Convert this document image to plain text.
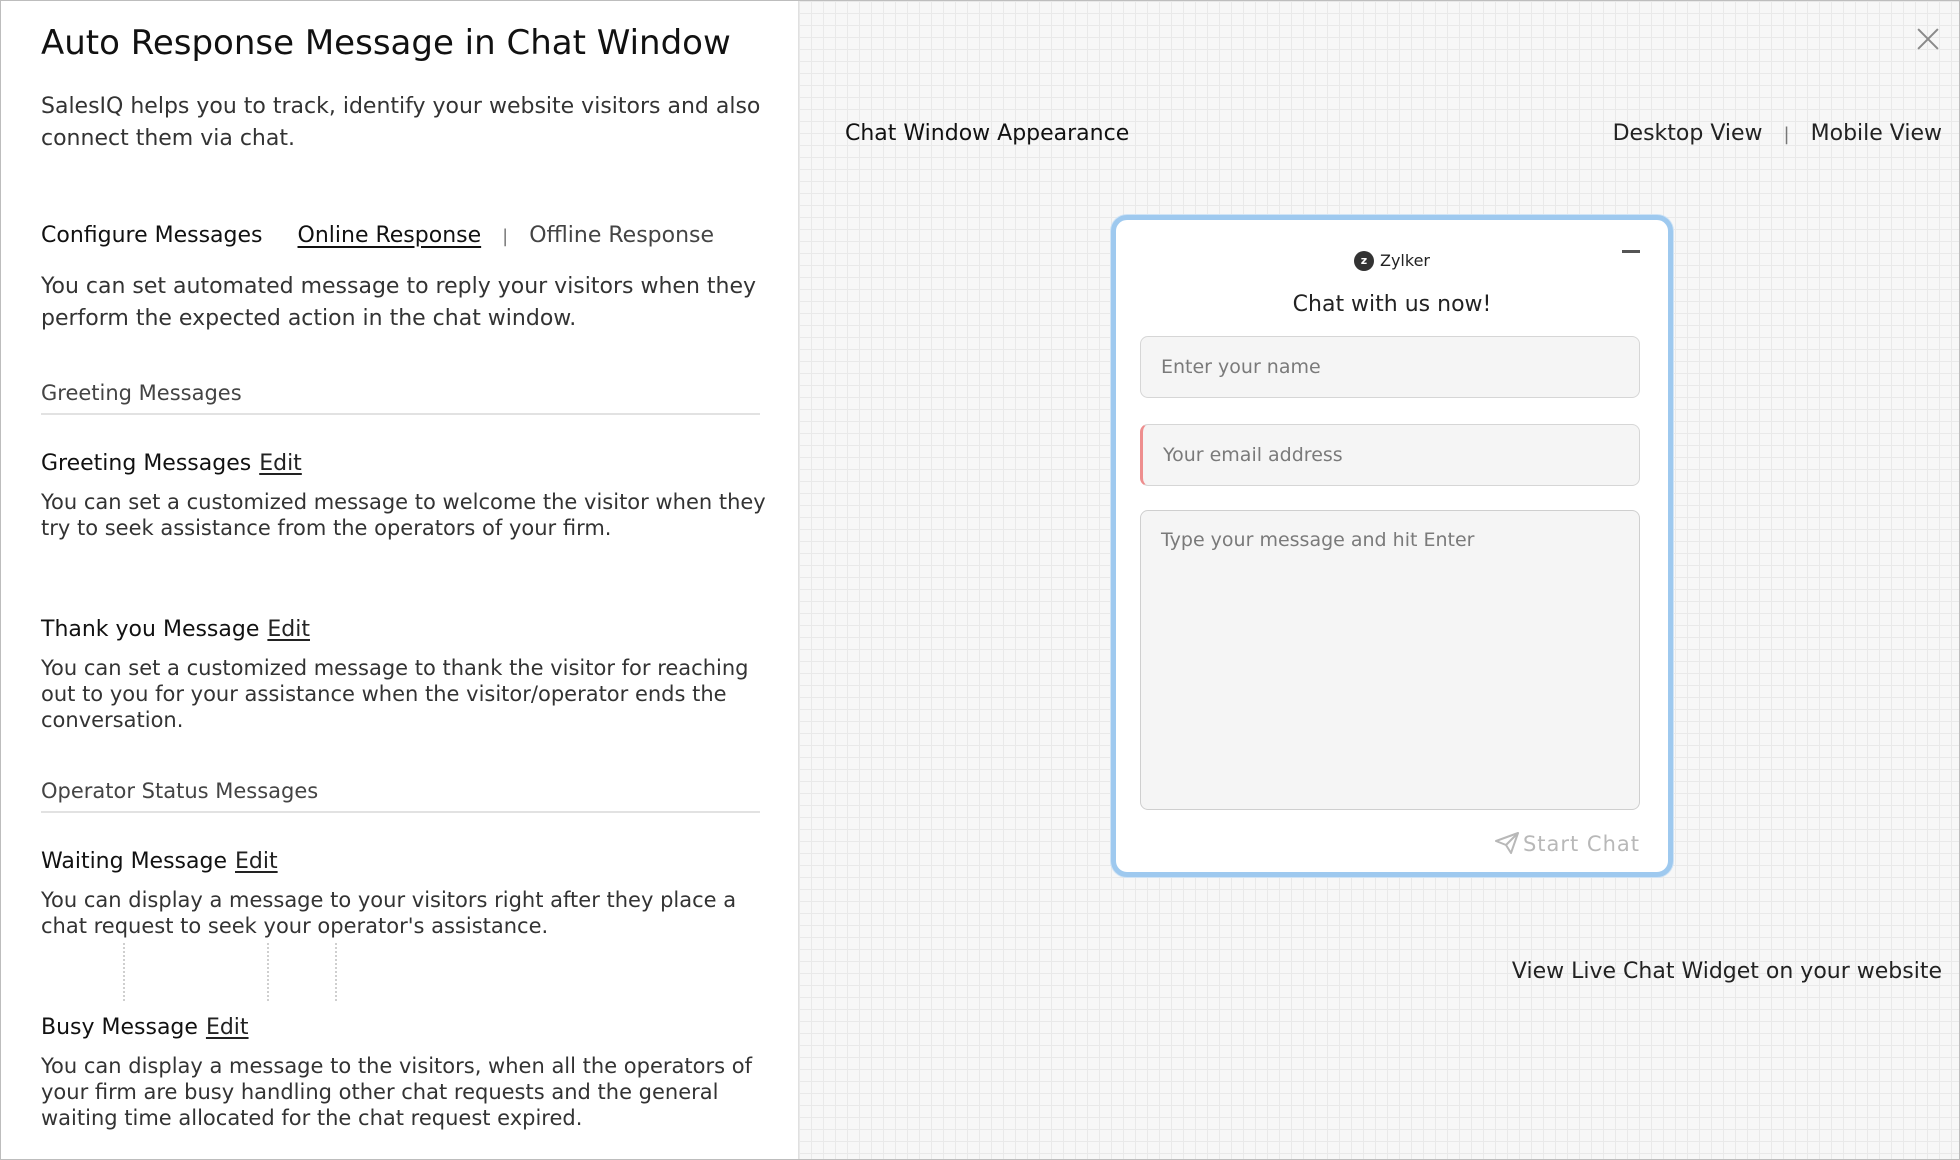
Auto Response Message in Chat Window
SalesIQ helps you to track, identify your website visitors and also connect them via chat.
Configure Messages Online Response | Offline Response
You can set automated message to reply your visitors when they perform the expected action in the chat window.
Greeting Messages
Greeting Messages Edit
You can set a customized message to welcome the visitor when they try to seek assistance from the operators of your firm.
Thank you Message Edit
You can set a customized message to thank the visitor for reaching out to you for your assistance when the visitor/operator ends the conversation.
Operator Status Messages
Waiting Message Edit
You can display a message to your visitors right after they place a chat request to seek your operator's assistance.
Busy Message Edit
You can display a message to the visitors, when all the operators of your firm are busy handling other chat requests and the general waiting time allocated for the chat request expired.
Chat Window Appearance	Desktop View | Mobile View
z Zylker
Chat with us now!
Enter your name
Your email address
Type your message and hit Enter
Start Chat
View Live Chat Widget on your website
